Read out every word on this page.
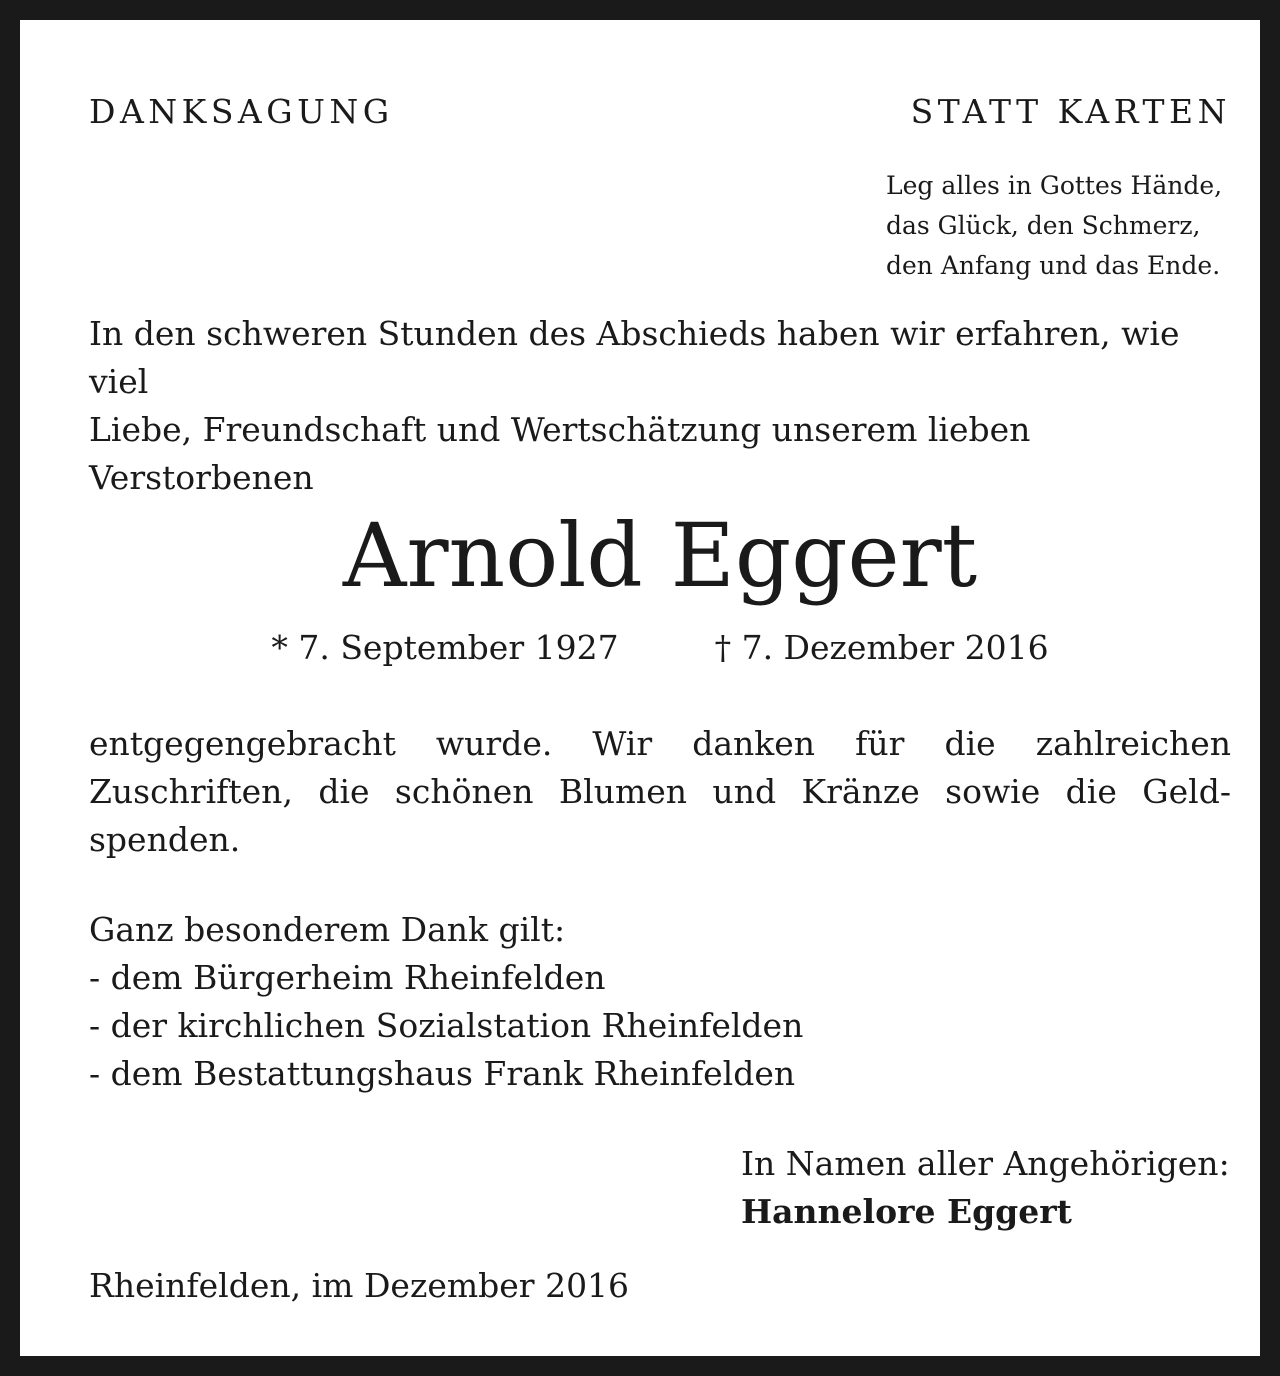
DANKSAGUNG	STATT KARTEN
Leg alles in Gottes Hände,
das Glück, den Schmerz,
den Anfang und das Ende.
In den schweren Stunden des Abschieds haben wir erfahren, wie viel
Liebe, Freundschaft und Wertschätzung unserem lieben
Verstorbenen
Arnold Eggert
* 7. September 1927	† 7. Dezember 2016
entgegengebracht wurde. Wir danken für die zahlreichen Zuschriften, die schönen Blumen und Kränze sowie die Geld-spenden.
Ganz besonderem Dank gilt:
- dem Bürgerheim Rheinfelden
- der kirchlichen Sozialstation Rheinfelden
- dem Bestattungshaus Frank Rheinfelden
In Namen aller Angehörigen:
Hannelore Eggert
Rheinfelden, im Dezember 2016
